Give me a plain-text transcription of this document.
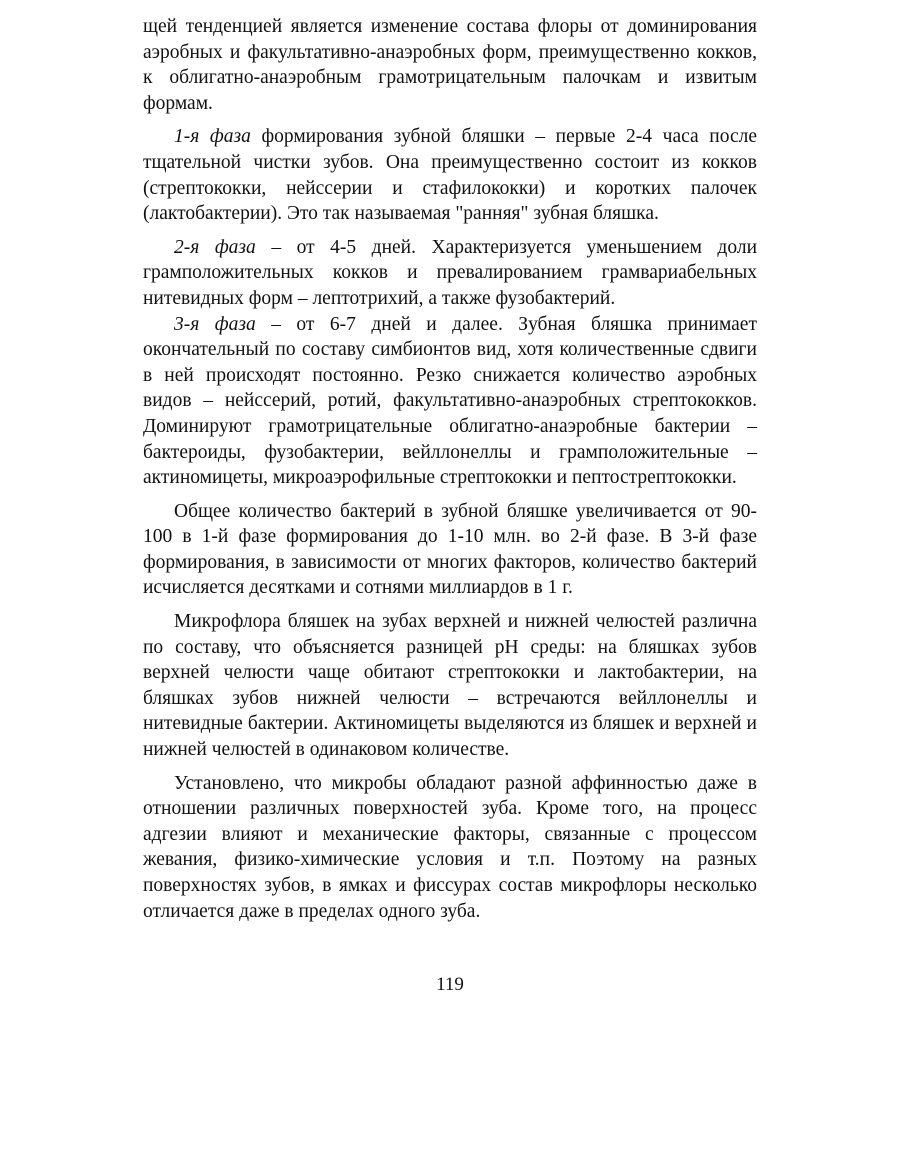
щей тенденцией является изменение состава флоры от доминирования аэробных и факультативно-анаэробных форм, преимущественно кокков, к облигатно-анаэробным грамотрицательным палочкам и извитым формам.

1-я фаза формирования зубной бляшки – первые 2-4 часа после тщательной чистки зубов. Она преимущественно состоит из кокков (стрептококки, нейссерии и стафилококки) и коротких палочек (лактобактерии). Это так называемая "ранняя" зубная бляшка.

2-я фаза – от 4-5 дней. Характеризуется уменьшением доли грамположительных кокков и превалированием грамвариабельных нитевидных форм – лептотрихий, а также фузобактерий.

3-я фаза – от 6-7 дней и далее. Зубная бляшка принимает окончательный по составу симбионтов вид, хотя количественные сдвиги в ней происходят постоянно. Резко снижается количество аэробных видов – нейссерий, ротий, факультативно-анаэробных стрептококков. Доминируют грамотрицательные облигатно-анаэробные бактерии – бактероиды, фузобактерии, вейллонеллы и грамположительные – актиномицеты, микроаэрофильные стрептококки и пептострептококки.

Общее количество бактерий в зубной бляшке увеличивается от 90-100 в 1-й фазе формирования до 1-10 млн. во 2-й фазе. В 3-й фазе формирования, в зависимости от многих факторов, количество бактерий исчисляется десятками и сотнями миллиардов в 1 г.

Микрофлора бляшек на зубах верхней и нижней челюстей различна по составу, что объясняется разницей pH среды: на бляшках зубов верхней челюсти чаще обитают стрептококки и лактобактерии, на бляшках зубов нижней челюсти – встречаются вейллонеллы и нитевидные бактерии. Актиномицеты выделяются из бляшек и верхней и нижней челюстей в одинаковом количестве.

Установлено, что микробы обладают разной аффинностью даже в отношении различных поверхностей зуба. Кроме того, на процесс адгезии влияют и механические факторы, связанные с процессом жевания, физико-химические условия и т.п. Поэтому на разных поверхностях зубов, в ямках и фиссурах состав микрофлоры несколько отличается даже в пределах одного зуба.

119
